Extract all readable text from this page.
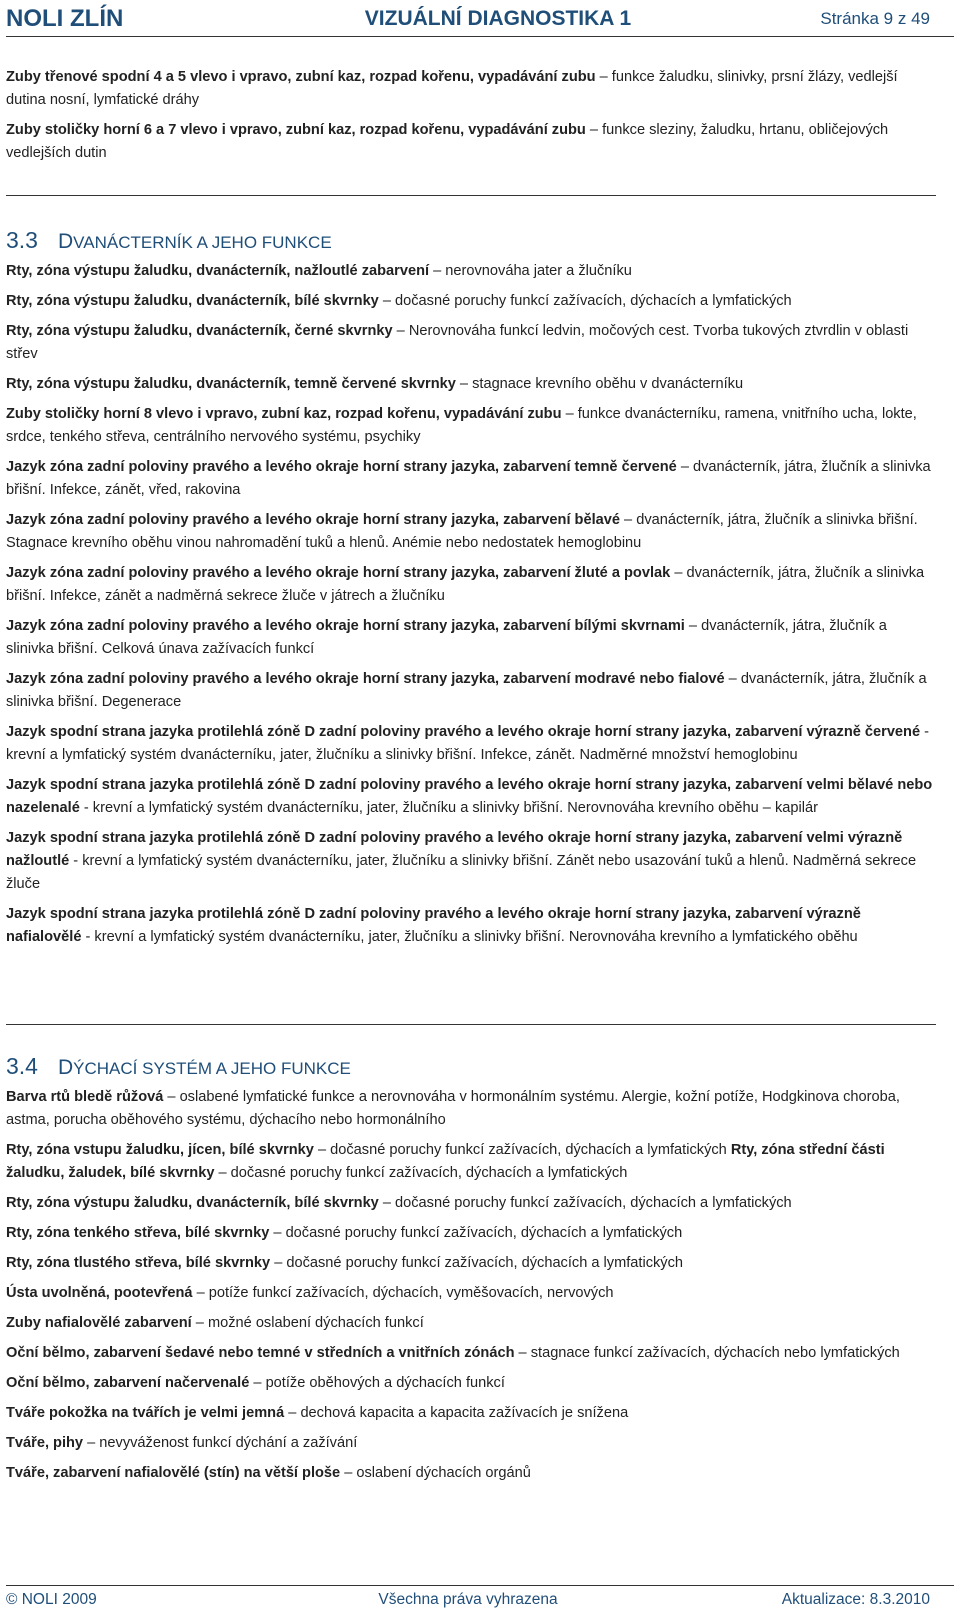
NOLI ZLÍN	VIZUÁLNÍ DIAGNOSTIKA 1	Stránka 9 z 49

Zuby třenové spodní 4 a 5 vlevo i vpravo, zubní kaz, rozpad kořenu, vypadávání zubu – funkce žaludku, slinivky, prsní žlázy, vedlejší dutina nosní, lymfatické dráhy

Zuby stoličky horní 6 a 7 vlevo i vpravo, zubní kaz, rozpad kořenu, vypadávání zubu – funkce sleziny, žaludku, hrtanu, obličejových vedlejších dutin

3.3 D VANÁCTERNÍK A JEHO FUNKCE

Rty, zóna výstupu žaludku, dvanácterník, nažloutlé zabarvení – nerovnováha jater a žlučníku

Rty, zóna výstupu žaludku, dvanácterník, bílé skvrnky – dočasné poruchy funkcí zažívacích, dýchacích a lymfatických

Rty, zóna výstupu žaludku, dvanácterník, černé skvrnky – Nerovnováha funkcí ledvin, močových cest. Tvorba tukových ztvrdlin v oblasti střev

Rty, zóna výstupu žaludku, dvanácterník, temně červené skvrnky – stagnace krevního oběhu v dvanácterníku

Zuby stoličky horní 8 vlevo i vpravo, zubní kaz, rozpad kořenu, vypadávání zubu – funkce dvanácterníku, ramena, vnitřního ucha, lokte, srdce, tenkého střeva, centrálního nervového systému, psychiky

Jazyk zóna zadní poloviny pravého a levého okraje horní strany jazyka, zabarvení temně červené – dvanácterník, játra, žlučník a slinivka břišní. Infekce, zánět, vřed, rakovina

Jazyk zóna zadní poloviny pravého a levého okraje horní strany jazyka, zabarvení bělavé – dvanácterník, játra, žlučník a slinivka břišní. Stagnace krevního oběhu vinou nahromadění tuků a hlenů. Anémie nebo nedostatek hemoglobinu

Jazyk zóna zadní poloviny pravého a levého okraje horní strany jazyka, zabarvení žluté a povlak – dvanácterník, játra, žlučník a slinivka břišní. Infekce, zánět a nadměrná sekrece žluče v játrech a žlučníku

Jazyk zóna zadní poloviny pravého a levého okraje horní strany jazyka, zabarvení bílými skvrnami – dvanácterník, játra, žlučník a slinivka břišní. Celková únava zažívacích funkcí

Jazyk zóna zadní poloviny pravého a levého okraje horní strany jazyka, zabarvení modravé nebo fialové – dvanácterník, játra, žlučník a slinivka břišní. Degenerace

Jazyk spodní strana jazyka protilehlá zóně D zadní poloviny pravého a levého okraje horní strany jazyka, zabarvení výrazně červené - krevní a lymfatický systém dvanácterníku, jater, žlučníku a slinivky břišní. Infekce, zánět. Nadměrné množství hemoglobinu

Jazyk spodní strana jazyka protilehlá zóně D zadní poloviny pravého a levého okraje horní strany jazyka, zabarvení velmi bělavé nebo nazelenalé - krevní a lymfatický systém dvanácterníku, jater, žlučníku a slinivky břišní. Nerovnováha krevního oběhu – kapilár

Jazyk spodní strana jazyka protilehlá zóně D zadní poloviny pravého a levého okraje horní strany jazyka, zabarvení velmi výrazně nažloutlé - krevní a lymfatický systém dvanácterníku, jater, žlučníku a slinivky břišní. Zánět nebo usazování tuků a hlenů. Nadměrná sekrece žluče

Jazyk spodní strana jazyka protilehlá zóně D zadní poloviny pravého a levého okraje horní strany jazyka, zabarvení výrazně nafialovělé - krevní a lymfatický systém dvanácterníku, jater, žlučníku a slinivky břišní. Nerovnováha krevního a lymfatického oběhu

3.4 D ÝCHACÍ SYSTÉM A JEHO FUNKCE

Barva rtů bledě růžová – oslabené lymfatické funkce a nerovnováha v hormonálním systému. Alergie, kožní potíže, Hodgkinova choroba, astma, porucha oběhového systému, dýchacího nebo hormonálního

Rty, zóna vstupu žaludku, jícen, bílé skvrnky – dočasné poruchy funkcí zažívacích, dýchacích a lymfatických Rty, zóna střední části žaludku, žaludek, bílé skvrnky – dočasné poruchy funkcí zažívacích, dýchacích a lymfatických

Rty, zóna výstupu žaludku, dvanácterník, bílé skvrnky – dočasné poruchy funkcí zažívacích, dýchacích a lymfatických

Rty, zóna tenkého střeva, bílé skvrnky – dočasné poruchy funkcí zažívacích, dýchacích a lymfatických

Rty, zóna tlustého střeva, bílé skvrnky – dočasné poruchy funkcí zažívacích, dýchacích a lymfatických

Ústa uvolněná, pootevřená – potíže funkcí zažívacích, dýchacích, vyměšovacích, nervových

Zuby nafialovělé zabarvení – možné oslabení dýchacích funkcí

Oční bělmo, zabarvení šedavé nebo temné v středních a vnitřních zónách – stagnace funkcí zažívacích, dýchacích nebo lymfatických

Oční bělmo, zabarvení načervenalé – potíže oběhových a dýchacích funkcí

Tváře pokožka na tvářích je velmi jemná – dechová kapacita a kapacita zažívacích je snížena

Tváře, pihy – nevyváženost funkcí dýchání a zažívání

Tváře, zabarvení nafialovělé (stín) na větší ploše – oslabení dýchacích orgánů

© NOLI 2009	Všechna práva vyhrazena	Aktualizace: 8.3.2010
